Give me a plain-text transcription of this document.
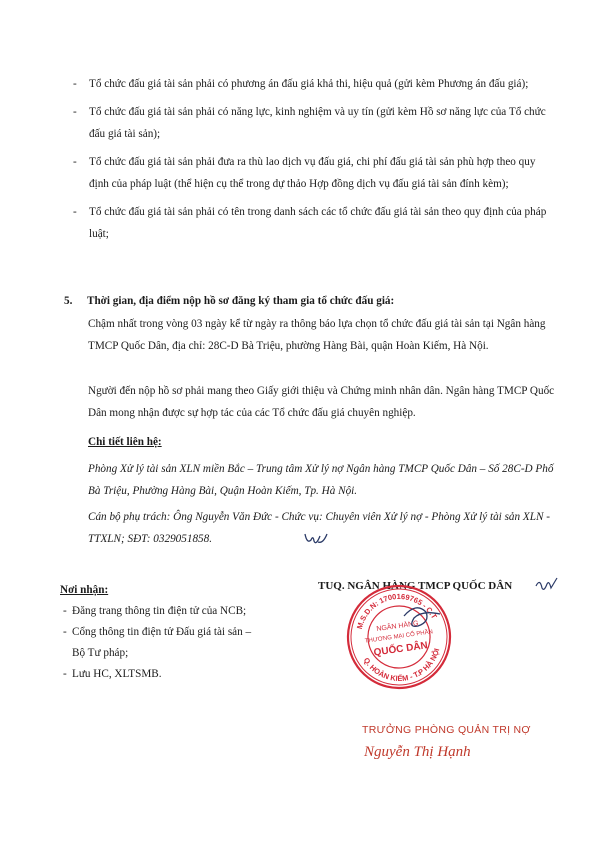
- Tổ chức đấu giá tài sản phải có phương án đấu giá khả thi, hiệu quả (gửi kèm Phương án đấu giá);

- Tổ chức đấu giá tài sản phải có năng lực, kinh nghiệm và uy tín (gửi kèm Hồ sơ năng lực của Tổ chức đấu giá tài sản);

- Tổ chức đấu giá tài sản phải đưa ra thù lao dịch vụ đấu giá, chi phí đấu giá tài sản phù hợp theo quy định của pháp luật (thể hiện cụ thể trong dự thảo Hợp đồng dịch vụ đấu giá tài sản đính kèm);

- Tổ chức đấu giá tài sản phải có tên trong danh sách các tổ chức đấu giá tài sản theo quy định của pháp luật;

5. Thời gian, địa điểm nộp hồ sơ đăng ký tham gia tổ chức đấu giá:

Chậm nhất trong vòng 03 ngày kể từ ngày ra thông báo lựa chọn tổ chức đấu giá tài sản tại Ngân hàng TMCP Quốc Dân, địa chỉ: 28C-D Bà Triệu, phường Hàng Bài, quận Hoàn Kiếm, Hà Nội.

Người đến nộp hồ sơ phải mang theo Giấy giới thiệu và Chứng minh nhân dân. Ngân hàng TMCP Quốc Dân mong nhận được sự hợp tác của các Tổ chức đấu giá chuyên nghiệp.

Chi tiết liên hệ:

Phòng Xử lý tài sản XLN miền Bắc – Trung tâm Xử lý nợ Ngân hàng TMCP Quốc Dân – Số 28C-D Phố Bà Triệu, Phường Hàng Bài, Quận Hoàn Kiếm, Tp. Hà Nội.

Cán bộ phụ trách: Ông Nguyễn Văn Đức - Chức vụ: Chuyên viên Xử lý nợ - Phòng Xử lý tài sản XLN - TTXLN; SĐT: 0329051858.

Nơi nhận:
- Đăng trang thông tin điện tử của NCB;
- Cổng thông tin điện tử Đấu giá tài sản – Bộ Tư pháp;
- Lưu HC, XLTSMB.
TUQ. NGÂN HÀNG TMCP QUỐC DÂN
M.S.D.N: 1700169765 - C.T
Q. HOÀN KIẾM - T.P HÀ NỘI
NGÂN HÀNG
THƯƠNG MẠI CỔ PHẦN
QUỐC DÂN
TRƯỞNG PHÒNG QUẢN TRỊ NỢ
Nguyễn Thị Hạnh
